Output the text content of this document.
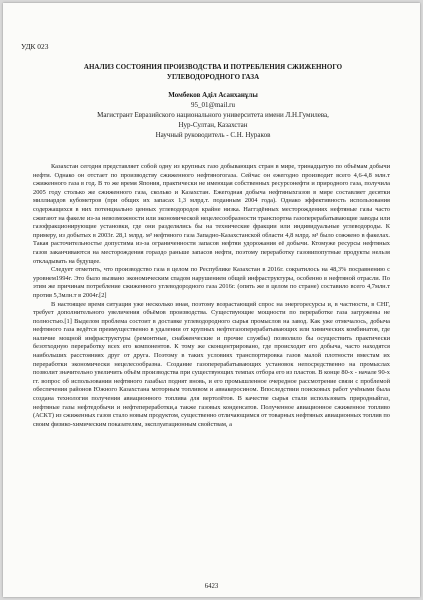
УДК 023
АНАЛИЗ СОСТОЯНИЯ ПРОИЗВОДСТВА И ПОТРЕБЛЕНИЯ СЖИЖЕННОГО
УГЛЕВОДОРОДНОГО ГАЗА
Момбеков Аділ Асанханұлы
95_01@mail.ru
Магистрант Евразийского национального университета имени Л.Н.Гумилева,
Нур-Султан, Казахстан
Научный руководитель - С.Н. Нураков

Казахстан сегодня представляет собой одну из крупных газо добывающих стран в мире, тринадцатую по объёмам добычи нефти. Однако он отстает по производству сжиженного нефтяногогаза. Сейчас он ежегодно производит всего 4,6-4,8 млн.т сжиженного газа в год. В то же время Япония, практически не имеющая собственных ресурсонефти и природного газа, получила 2005 году столько же сжиженного газа, сколько и Казахстан. Ежегодная добыча нефтяныхгазов в мире составляет десятки миллиардов кубометров (при общих их запасах 1,3 млрд.т. поданным 2004 года). Однако эффективность использования содержащихся в них потенциально ценных углеводородов крайне низка. Наггэдённых месторождениях нефтяные газы часто сжигают на факеле из-за невозможности или экономической нецелесообразности транспортна газоперерабатывающие заводы или газофракционирующие установки, где они разделялись бы на технические фракции или индивидуальные углеводороды. К примеру, из добытых в 2003г. 28,1 млрд. м³ нефтяного газа Западно-Казахстанской области 4,8 млрд. м³ было сожжено в факелах. Такая расточительностье допустима из-за ограниченности запасов нефтяи удорожания её добычи. Ктомуже ресурсы нефтяных газов заканчиваются на месторождения гораздо раньше запасов нефти, поэтому переработку газовипопутные продукты нельзя откладывать на будущее.

Следует отметить, что производство газа в целом по Республике Казахстан в 2016г. сократилось на 48,3% посравнению с уровнем1994г. Это было вызвано экономическим спадом нарушением общей инфраструктуры, особенно в нефтяной отрасли. По этим же причинам потребление сжиженного углеводородного газа 2016г. (опять же в целом по стране) составило всего 4,7млн.т против 5,3млн.т в 2004г.[2]

В настоящее время ситуация уже несколько иная, поэтому возрастающий спрос на энергоресурсы и, в частности, в СНГ, требует дополнительного увеличения объёмов производства. Существующие мощности по переработке газа загружены не полностью.[1] Выделом проблема состоит в доставке углеводородного сырья промыслов на завод. Как уже отмечалось, добыча нефтяного газа ведётся преимущественно в удалении от крупных нефтегазоперерабатывающих или химических комбинатов, где наличие мощной инфраструктуры (ремонтные, снабженческие и прочие службы) позволило бы осуществить практически безотходную переработку всех его компонентов. К тому же сконцентрировано, где происходит его добыча, часто находятся наибольших расстояниях друг от друга. Поэтому в таких условиях транспортировка газов малой плотности вместам их переработки экономически нецелесообразна. Создание газоперерабатывающих установок непосредственно на промыслах позволит значительно увеличить объём производства при существующих темпах отбора его из пластов. В конце 80-х - начале 90-х гг. вопрос об использовании нефтяного газабыл поднят вновь, и его промышленное очередное рассмотрение связи с проблемой обеспечения районов Южного Казахстана моторным топливом и авиакеросином. Впоследствии поисковых работ учёными была создана технология получения авиационного топлива для вертолётов. В качестве сырья стали использовать природныйгаз, нефтяные газы нефтедобычи и нефтепереработки,а также газовых конденсатов. Полученное авиационное сжиженное топливо (АСКТ) из сжиженных газов стало новым продуктом, существенно отличающимся от товарных нефтяных авиационных топлив по своим физико-химическим показателям, эксплуатационным свойствам, а

6423
